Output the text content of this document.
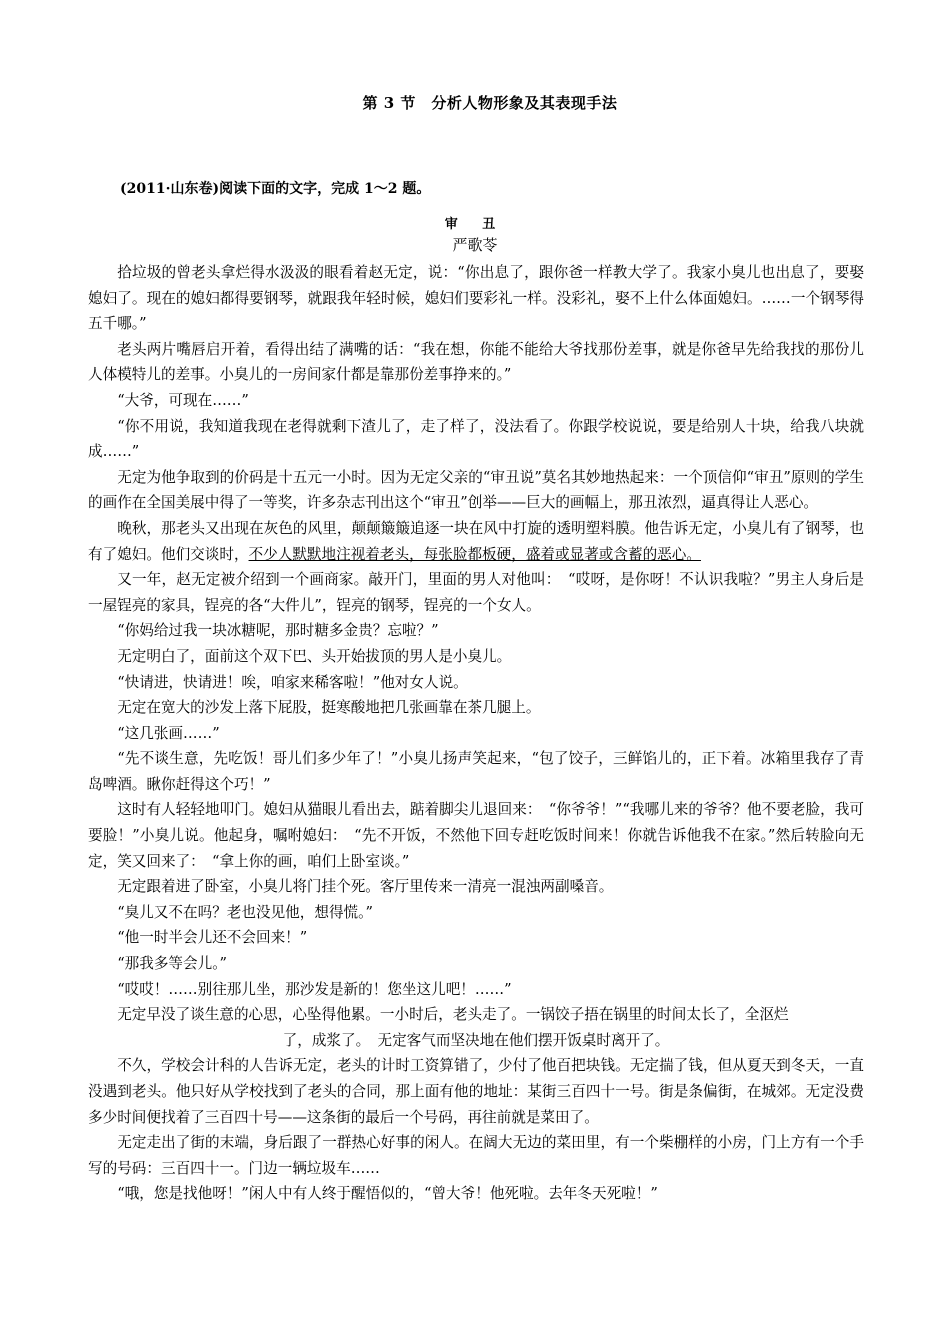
第 3 节　分析人物形象及其表现手法
(2011·山东卷)阅读下面的文字，完成 1～2 题。
审 丑
严歌苓

拾垃圾的曾老头拿烂得水汲汲的眼看着赵无定，说：“你出息了，跟你爸一样教大学了。我家小臭儿也出息了，要娶媳妇了。现在的媳妇都得要钢琴，就跟我年轻时候，媳妇们要彩礼一样。没彩礼，娶不上什么体面媳妇。……一个钢琴得五千哪。”

老头两片嘴唇启开着，看得出结了满嘴的话：“我在想，你能不能给大爷找那份差事，就是你爸早先给我找的那份儿人体模特儿的差事。小臭儿的一房间家什都是靠那份差事挣来的。”

“大爷，可现在……”

“你不用说，我知道我现在老得就剩下渣儿了，走了样了，没法看了。你跟学校说说，要是给别人十块，给我八块就成……”

无定为他争取到的价码是十五元一小时。因为无定父亲的“审丑说”莫名其妙地热起来：一个顶信仰“审丑”原则的学生的画作在全国美展中得了一等奖，许多杂志刊出这个“审丑”创举——巨大的画幅上，那丑浓烈，逼真得让人恶心。

晚秋，那老头又出现在灰色的风里，颠颠簸簸追逐一块在风中打旋的透明塑料膜。他告诉无定，小臭儿有了钢琴，也有了媳妇。他们交谈时，不少人默默地注视着老头，每张脸都板硬，盛着或显著或含蓄的恶心。

又一年，赵无定被介绍到一个画商家。敲开门，里面的男人对他叫：　“哎呀，是你呀！不认识我啦？”男主人身后是一屋锃亮的家具，锃亮的各“大件儿”，锃亮的钢琴，锃亮的一个女人。

“你妈给过我一块冰糖呢，那时糖多金贵？忘啦？”

无定明白了，面前这个双下巴、头开始拔顶的男人是小臭儿。

“快请进，快请进！唉，咱家来稀客啦！”他对女人说。

无定在宽大的沙发上落下屁股，挺寒酸地把几张画靠在茶几腿上。

“这几张画……”

“先不谈生意，先吃饭！哥儿们多少年了！”小臭儿扬声笑起来，“包了饺子，三鲜馅儿的，正下着。冰箱里我存了青岛啤酒。瞅你赶得这个巧！”

这时有人轻轻地叩门。媳妇从猫眼儿看出去，踮着脚尖儿退回来：　“你爷爷！”“我哪儿来的爷爷？他不要老脸，我可要脸！”小臭儿说。他起身，嘱咐媳妇：　“先不开饭，不然他下回专赶吃饭时间来！你就告诉他我不在家。”然后转脸向无定，笑又回来了：　“拿上你的画，咱们上卧室谈。”

无定跟着进了卧室，小臭儿将门挂个死。客厅里传来一清亮一混浊两副嗓音。

“臭儿又不在吗？老也没见他，想得慌。”

“他一时半会儿还不会回来！”

“那我多等会儿。”

“哎哎！……别往那儿坐，那沙发是新的！您坐这儿吧！……”

无定早没了谈生意的心思，心坠得他累。一小时后，老头走了。一锅饺子捂在锅里的时间太长了，全沤烂

了，成浆了。　无定客气而坚决地在他们摆开饭桌时离开了。

不久，学校会计科的人告诉无定，老头的计时工资算错了，少付了他百把块钱。无定揣了钱，但从夏天到冬天，一直没遇到老头。他只好从学校找到了老头的合同，那上面有他的地址：某街三百四十一号。街是条偏街，在城郊。无定没费多少时间便找着了三百四十号——这条街的最后一个号码，再往前就是菜田了。

无定走出了街的末端，身后跟了一群热心好事的闲人。在阔大无边的菜田里，有一个柴棚样的小房，门上方有一个手写的号码：三百四十一。门边一辆垃圾车……

“哦，您是找他呀！”闲人中有人终于醒悟似的，“曾大爷！他死啦。去年冬天死啦！”
